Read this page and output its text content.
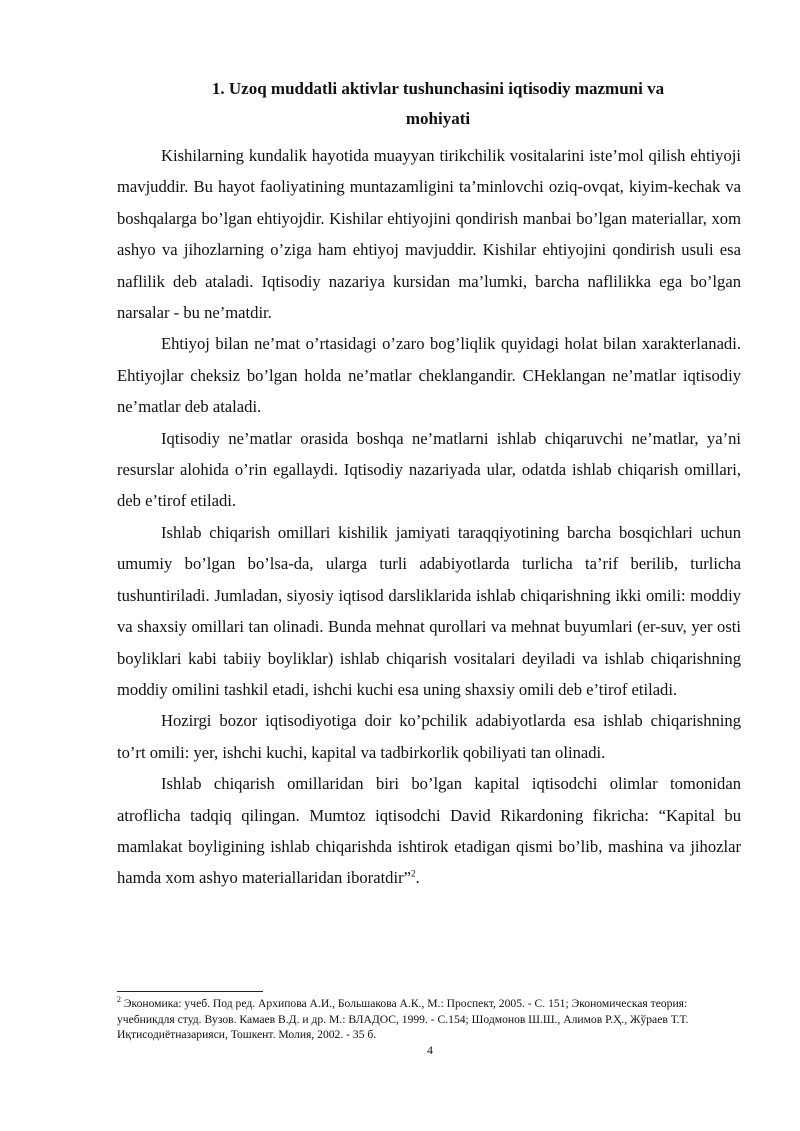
1. Uzoq muddatli aktivlar tushunchasini iqtisodiy mazmuni va
mohiyati

Kishilarning kundalik hayotida muayyan tirikchilik vositalarini iste’mol qilish ehtiyoji mavjuddir. Bu hayot faoliyatining muntazamligini ta’minlovchi oziq-ovqat, kiyim-kechak va boshqalarga bo’lgan ehtiyojdir. Kishilar ehtiyojini qondirish manbai bo’lgan materiallar, xom ashyo va jihozlarning o’ziga ham ehtiyoj mavjuddir. Kishilar ehtiyojini qondirish usuli esa naflilik deb ataladi. Iqtisodiy nazariya kursidan ma’lumki, barcha naflilikka ega bo’lgan narsalar - bu ne’matdir.

Ehtiyoj bilan ne’mat o’rtasidagi o’zaro bog’liqlik quyidagi holat bilan xarakterlanadi. Ehtiyojlar cheksiz bo’lgan holda ne’matlar cheklangandir. CHeklangan ne’matlar iqtisodiy ne’matlar deb ataladi.

Iqtisodiy ne’matlar orasida boshqa ne’matlarni ishlab chiqaruvchi ne’matlar, ya’ni resurslar alohida o’rin egallaydi. Iqtisodiy nazariyada ular, odatda ishlab chiqarish omillari, deb e’tirof etiladi.

Ishlab chiqarish omillari kishilik jamiyati taraqqiyotining barcha bosqichlari uchun umumiy bo’lgan bo’lsa-da, ularga turli adabiyotlarda turlicha ta’rif berilib, turlicha tushuntiriladi. Jumladan, siyosiy iqtisod darsliklarida ishlab chiqarishning ikki omili: moddiy va shaxsiy omillari tan olinadi. Bunda mehnat qurollari va mehnat buyumlari (er-suv, yer osti boyliklari kabi tabiiy boyliklar) ishlab chiqarish vositalari deyiladi va ishlab chiqarishning moddiy omilini tashkil etadi, ishchi kuchi esa uning shaxsiy omili deb e’tirof etiladi.

Hozirgi bozor iqtisodiyotiga doir ko’pchilik adabiyotlarda esa ishlab chiqarishning to’rt omili: yer, ishchi kuchi, kapital va tadbirkorlik qobiliyati tan olinadi.

Ishlab chiqarish omillaridan biri bo’lgan kapital iqtisodchi olimlar tomonidan atroflicha tadqiq qilingan. Mumtoz iqtisodchi David Rikardoning fikricha: “Kapital bu mamlakat boyligining ishlab chiqarishda ishtirok etadigan qismi bo’lib, mashina va jihozlar hamda xom ashyo materiallaridan iboratdir”$^2$.

$^2$ Экономика: учеб. Под ред. Архипова А.И., Большакова А.К., М.: Проспект, 2005. - С. 151; Экономическая теория: учебникдля студ. Вузов. Камаев В.Д. и др. М.: ВЛАДОС, 1999. - С.154; Шодмонов Ш.Ш., Алимов Р.Ҳ., Жўраев Т.Т. Иқтисодиётназарияси, Тошкент. Молия, 2002. - 35 б.
4
